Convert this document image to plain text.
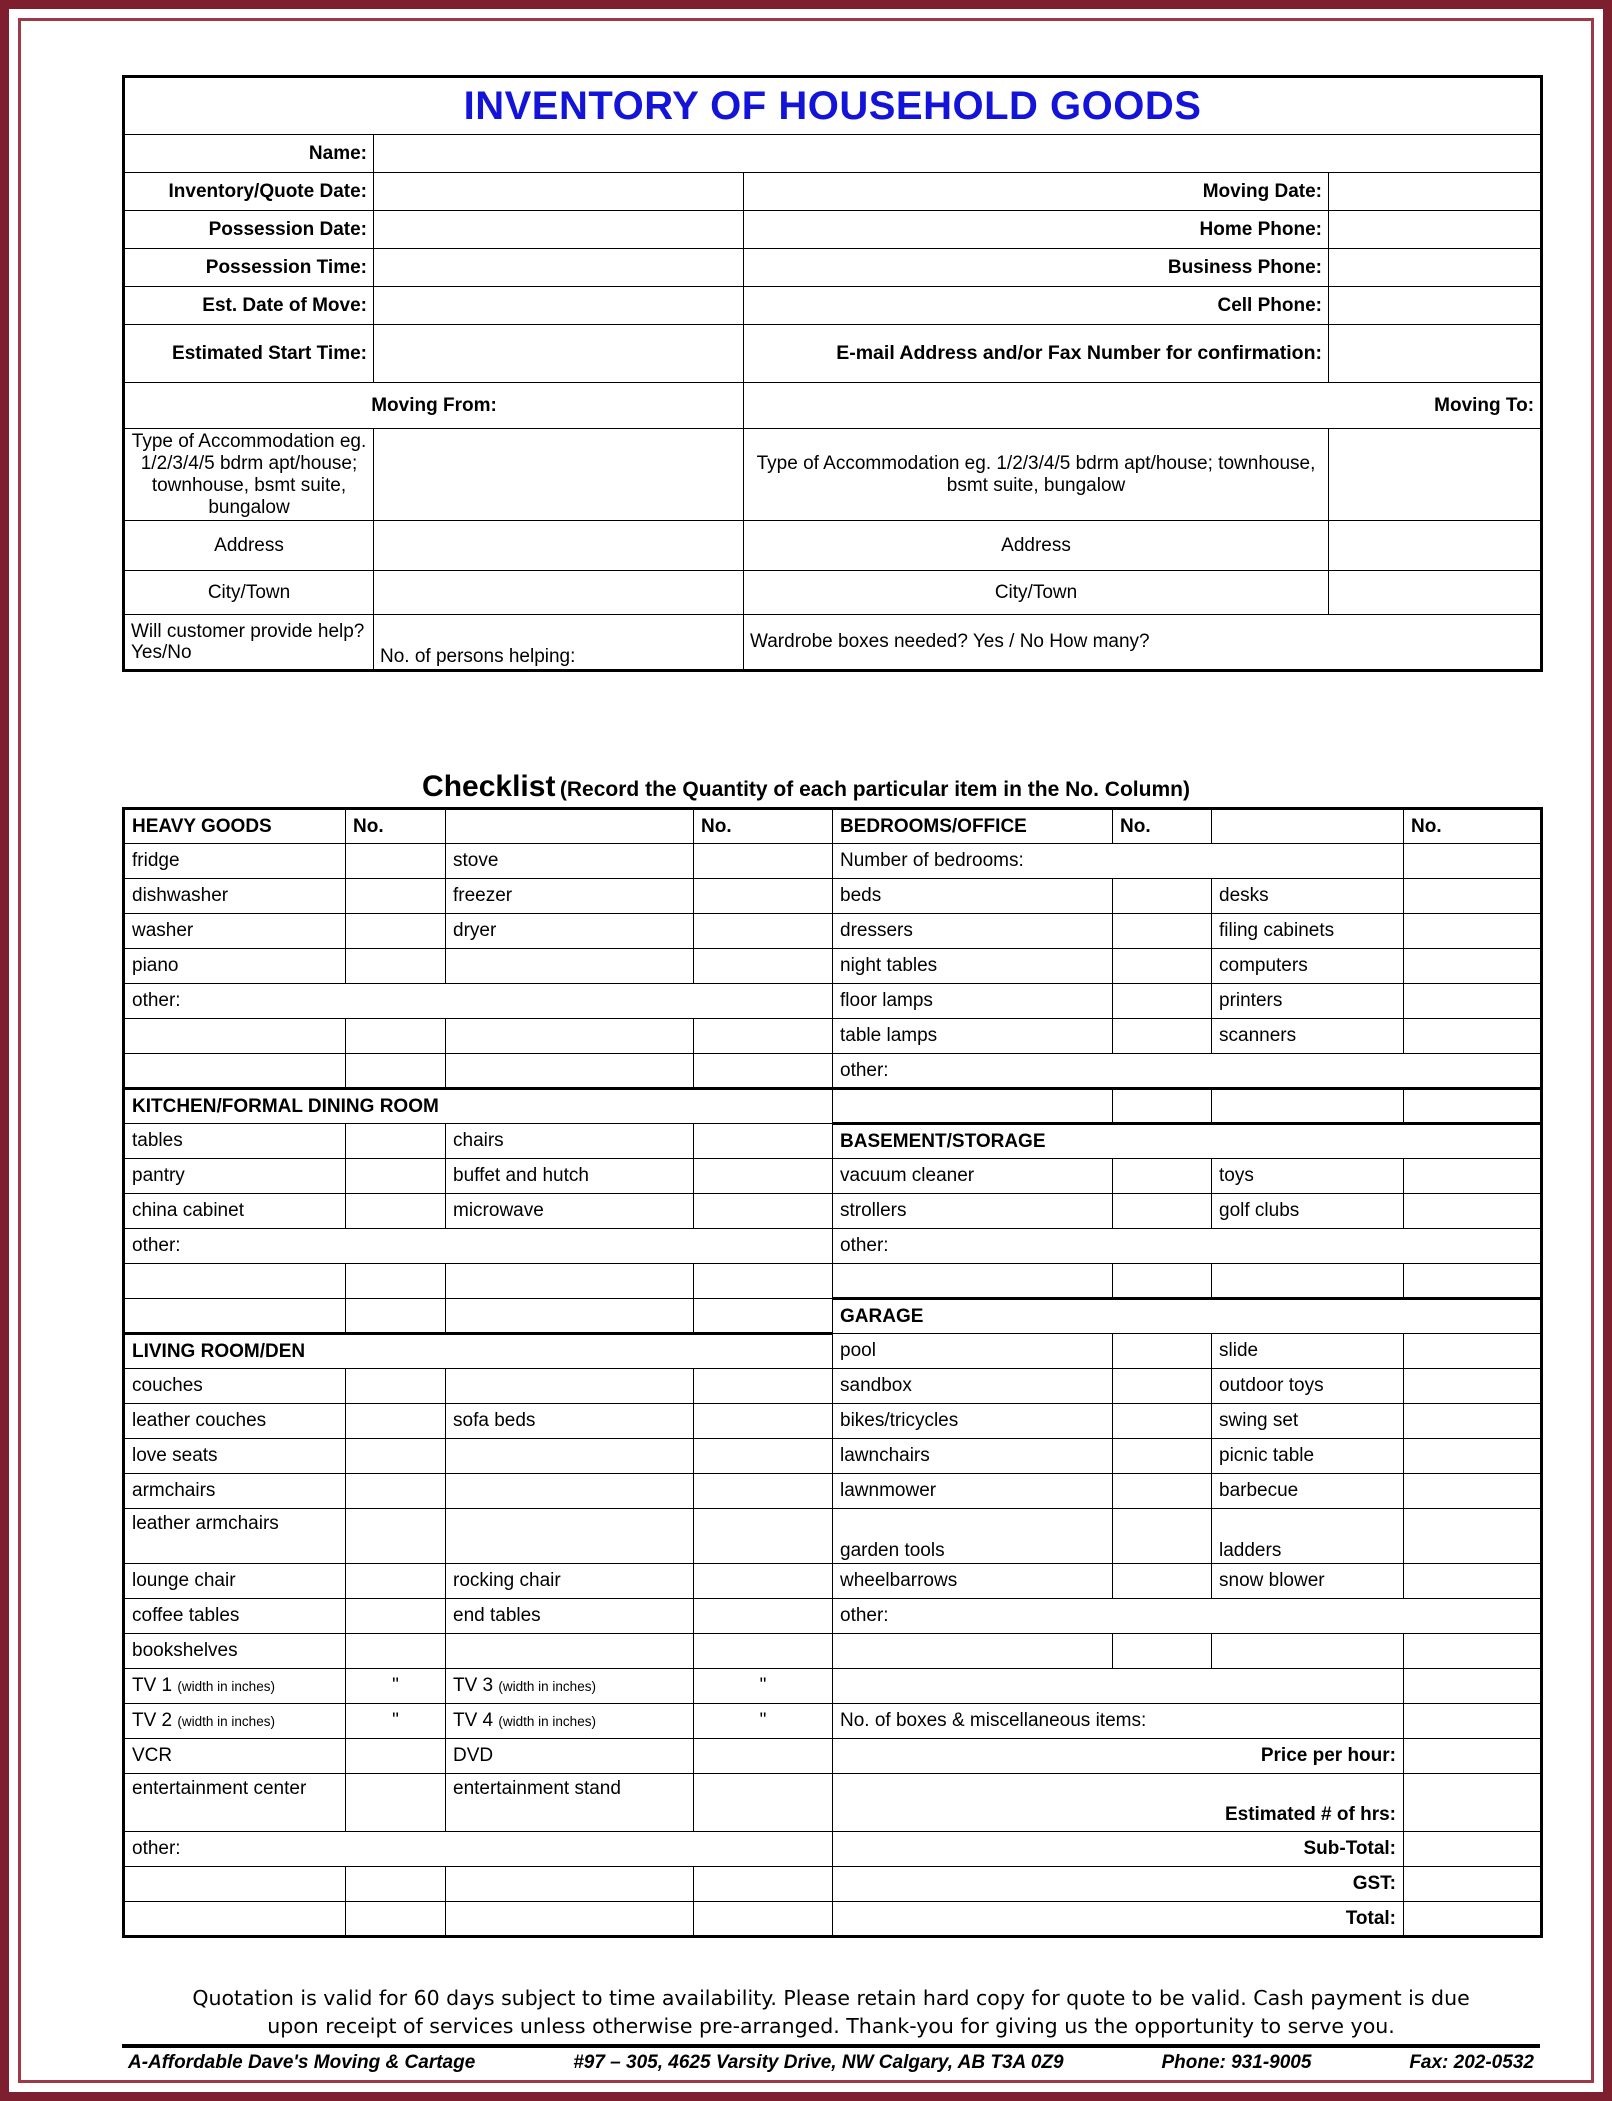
INVENTORY OF HOUSEHOLD GOODS			
Name:			
Inventory/Quote Date:		Moving Date:	
Possession Date:		Home Phone:	
Possession Time:		Business Phone:	
Est. Date of Move:		Cell Phone:	
Estimated Start Time:		E-mail Address and/or Fax Number for confirmation:	
Moving From:		Moving To:	
Type of Accommodation eg. 1/2/3/4/5 bdrm apt/house; townhouse, bsmt suite, bungalow		Type of Accommodation eg. 1/2/3/4/5 bdrm apt/house; townhouse, bsmt suite, bungalow	
Address		Address	
City/Town		City/Town	
Will customer provide help? Yes/No	No. of persons helping:	Wardrobe boxes needed? Yes / No How many?	
Checklist (Record the Quantity of each particular item in the No. Column)
HEAVY GOODS	No.		No.	BEDROOMS/OFFICE	No.		No.
fridge		stove		Number of bedrooms:			
dishwasher		freezer		beds		desks	
washer		dryer		dressers		filing cabinets	
piano				night tables		computers	
other:				floor lamps		printers	
				table lamps		scanners	
				other:			
KITCHEN/FORMAL DINING ROOM							
tables		chairs		BASEMENT/STORAGE			
pantry		buffet and hutch		vacuum cleaner		toys	
china cabinet		microwave		strollers		golf clubs	
other:				other:			

				GARAGE			
LIVING ROOM/DEN				pool		slide	
couches				sandbox		outdoor toys	
leather couches		sofa beds		bikes/tricycles		swing set	
love seats				lawnchairs		picnic table	
armchairs				lawnmower		barbecue	
leather armchairs				garden tools		ladders	
lounge chair		rocking chair		wheelbarrows		snow blower	
coffee tables		end tables		other:			
bookshelves							
TV 1 (width in inches)	"	TV 3 (width in inches)	"				
TV 2 (width in inches)	"	TV 4 (width in inches)	"	No. of boxes & miscellaneous items:			
VCR		DVD		Price per hour:			
entertainment center		entertainment stand		Estimated # of hrs:			
other:				Sub-Total:			
				GST:			
				Total:			
Quotation is valid for 60 days subject to time availability. Please retain hard copy for quote to be valid. Cash payment is due
upon receipt of services unless otherwise pre-arranged. Thank-you for giving us the opportunity to serve you.
A-Affordable Dave's Moving & Cartage	#97 – 305, 4625 Varsity Drive, NW Calgary, AB T3A 0Z9	Phone: 931-9005	Fax: 202-0532
